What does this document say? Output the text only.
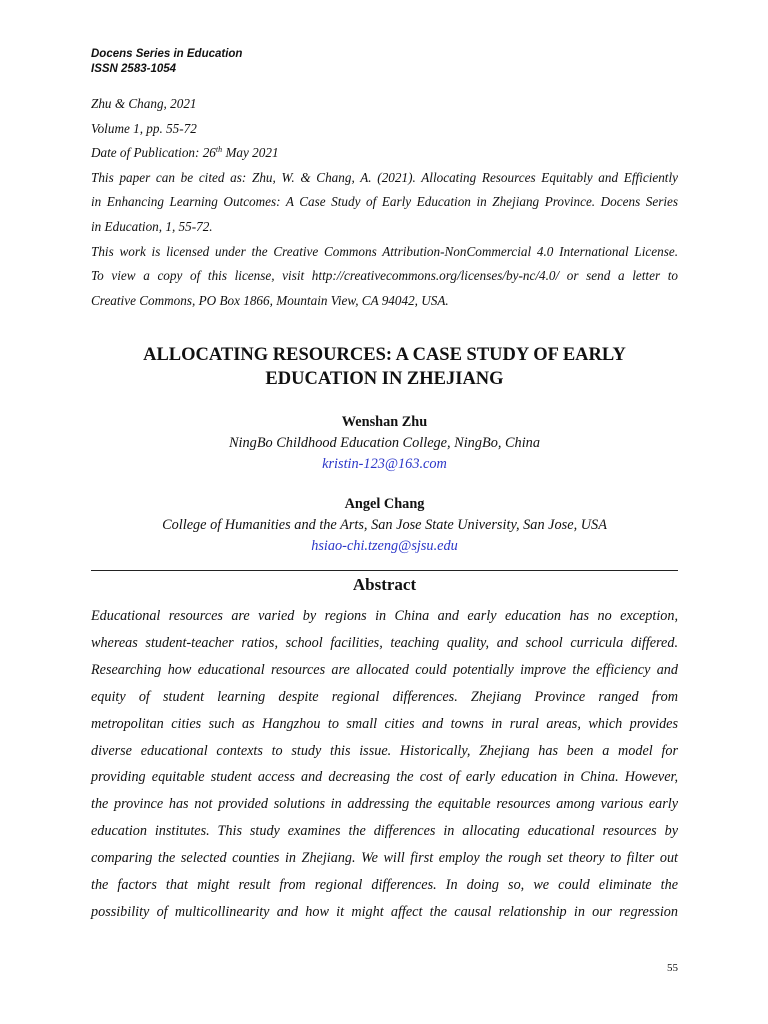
Docens Series in Education
ISSN 2583-1054
Zhu & Chang, 2021
Volume 1, pp. 55-72
Date of Publication: 26th May 2021
This paper can be cited as: Zhu, W. & Chang, A. (2021). Allocating Resources Equitably and Efficiently
in Enhancing Learning Outcomes: A Case Study of Early Education in Zhejiang Province. Docens Series
in Education, 1, 55-72.
This work is licensed under the Creative Commons Attribution-NonCommercial 4.0 International License.
To view a copy of this license, visit http://creativecommons.org/licenses/by-nc/4.0/ or send a letter to
Creative Commons, PO Box 1866, Mountain View, CA 94042, USA.
ALLOCATING RESOURCES: A CASE STUDY OF EARLY
EDUCATION IN ZHEJIANG
Wenshan Zhu
NingBo Childhood Education College, NingBo, China
kristin-123@163.com
Angel Chang
College of Humanities and the Arts, San Jose State University, San Jose, USA
hsiao-chi.tzeng@sjsu.edu
Abstract
Educational resources are varied by regions in China and early education has no exception,
whereas student-teacher ratios, school facilities, teaching quality, and school curricula differed.
Researching how educational resources are allocated could potentially improve the efficiency and
equity of student learning despite regional differences. Zhejiang Province ranged from
metropolitan cities such as Hangzhou to small cities and towns in rural areas, which provides
diverse educational contexts to study this issue. Historically, Zhejiang has been a model for
providing equitable student access and decreasing the cost of early education in China. However,
the province has not provided solutions in addressing the equitable resources among various early
education institutes. This study examines the differences in allocating educational resources by
comparing the selected counties in Zhejiang. We will first employ the rough set theory to filter out
the factors that might result from regional differences. In doing so, we could eliminate the
possibility of multicollinearity and how it might affect the causal relationship in our regression
55
